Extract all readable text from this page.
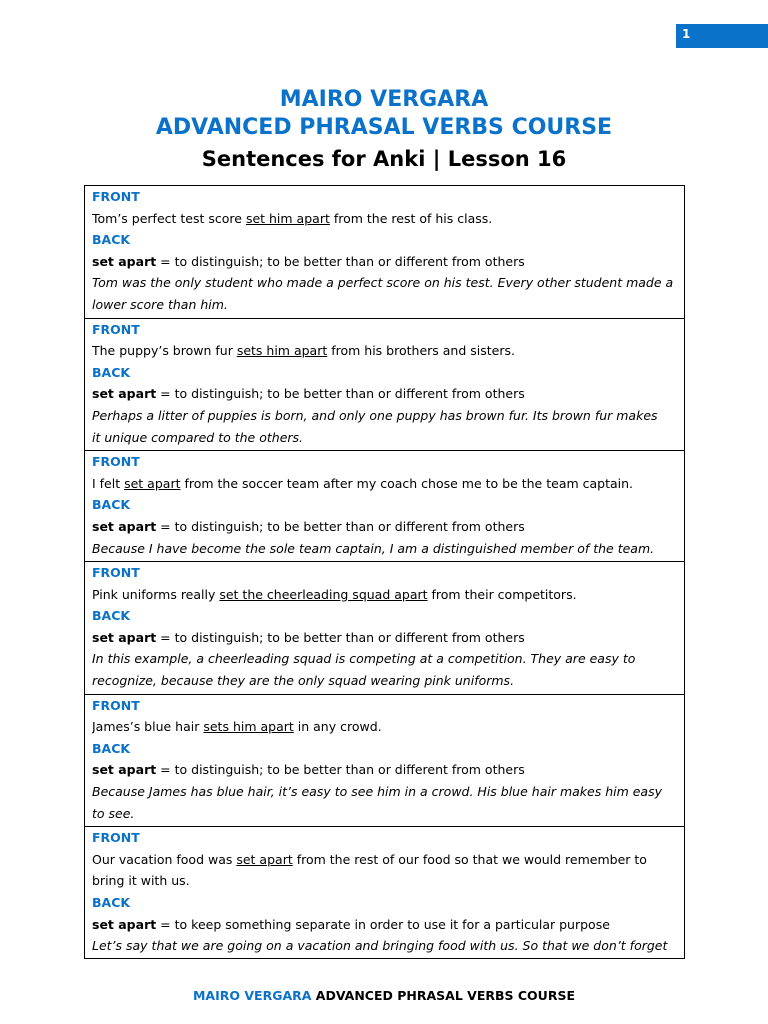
1
MAIRO VERGARA
ADVANCED PHRASAL VERBS COURSE
Sentences for Anki | Lesson 16
FRONT
Tom’s perfect test score set him apart from the rest of his class.
BACK
set apart = to distinguish; to be better than or different from others
Tom was the only student who made a perfect score on his test. Every other student made a
lower score than him.
FRONT
The puppy’s brown fur sets him apart from his brothers and sisters.
BACK
set apart = to distinguish; to be better than or different from others
Perhaps a litter of puppies is born, and only one puppy has brown fur. Its brown fur makes
it unique compared to the others.
FRONT
I felt set apart from the soccer team after my coach chose me to be the team captain.
BACK
set apart = to distinguish; to be better than or different from others
Because I have become the sole team captain, I am a distinguished member of the team.
FRONT
Pink uniforms really set the cheerleading squad apart from their competitors.
BACK
set apart = to distinguish; to be better than or different from others
In this example, a cheerleading squad is competing at a competition. They are easy to
recognize, because they are the only squad wearing pink uniforms.
FRONT
James’s blue hair sets him apart in any crowd.
BACK
set apart = to distinguish; to be better than or different from others
Because James has blue hair, it’s easy to see him in a crowd. His blue hair makes him easy
to see.
FRONT
Our vacation food was set apart from the rest of our food so that we would remember to
bring it with us.
BACK
set apart = to keep something separate in order to use it for a particular purpose
Let’s say that we are going on a vacation and bringing food with us. So that we don’t forget
MAIRO VERGARA ADVANCED PHRASAL VERBS COURSE
